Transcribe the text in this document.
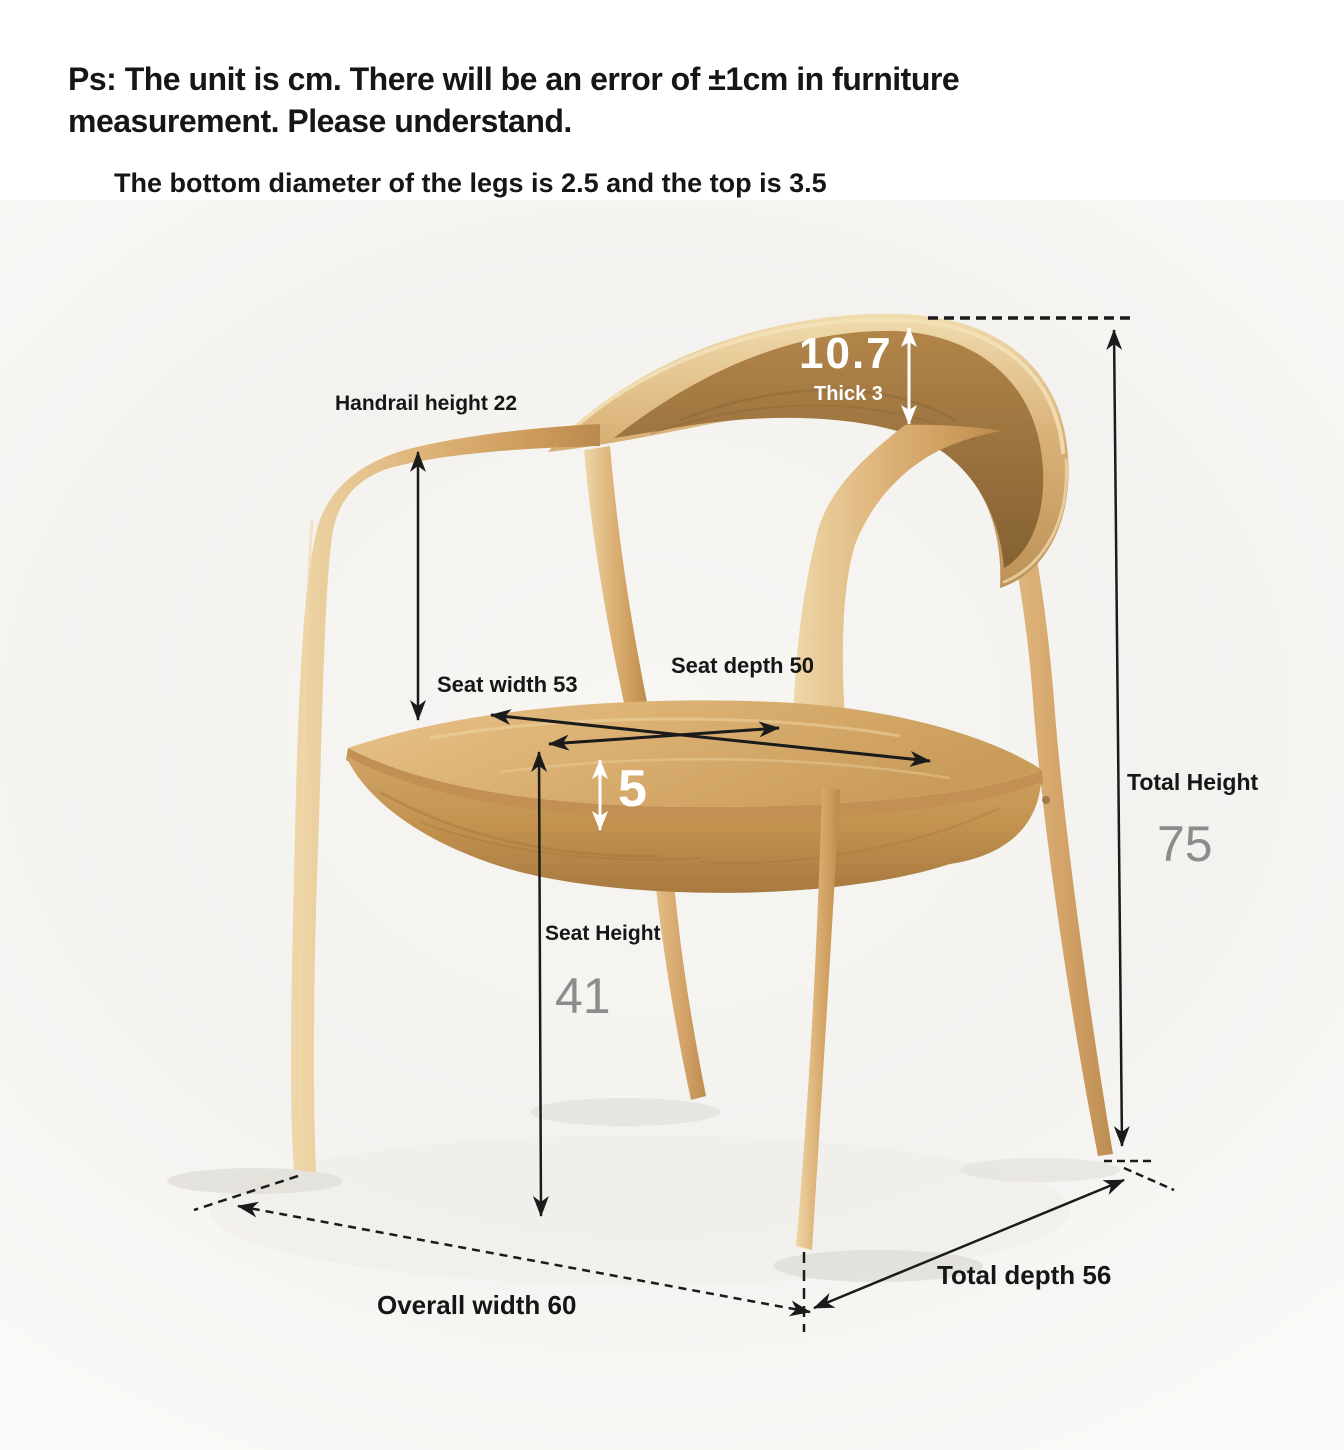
Ps: The unit is cm. There will be an error of ±1cm in furniture measurement. Please understand.
The bottom diameter of the legs is 2.5 and the top is 3.5
Handrail height 22
10.7
Thick 3
Seat width 53
Seat depth 50
5
Seat Height
41
Total Height
75
Overall width 60
Total depth 56
